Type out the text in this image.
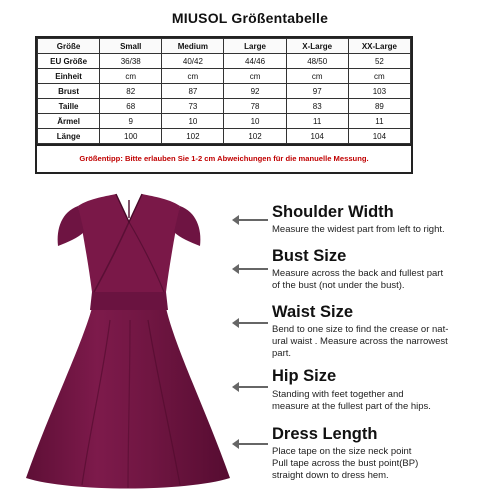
MIUSOL Größentabelle
Größe	Small	Medium	Large	X-Large	XX-Large
EU Größe	36/38	40/42	44/46	48/50	52
Einheit	cm	cm	cm	cm	cm
Brust	82	87	92	97	103
Taille	68	73	78	83	89
Ärmel	9	10	10	11	11
Länge	100	102	102	104	104
Größentipp: Bitte erlauben Sie 1-2 cm Abweichungen für die manuelle Messung.
Shoulder Width
Measure the widest part from left to right.
Bust Size
Measure across the back and fullest part
of the bust (not under the bust).
Waist Size
Bend to one size to find the crease or nat-
ural waist . Measure across the narrowest
part.
Hip Size
Standing with feet together and
measure at the fullest part of the hips.
Dress Length
Place tape on the size neck point
Pull tape across the bust point(BP)
straight down to dress hem.
